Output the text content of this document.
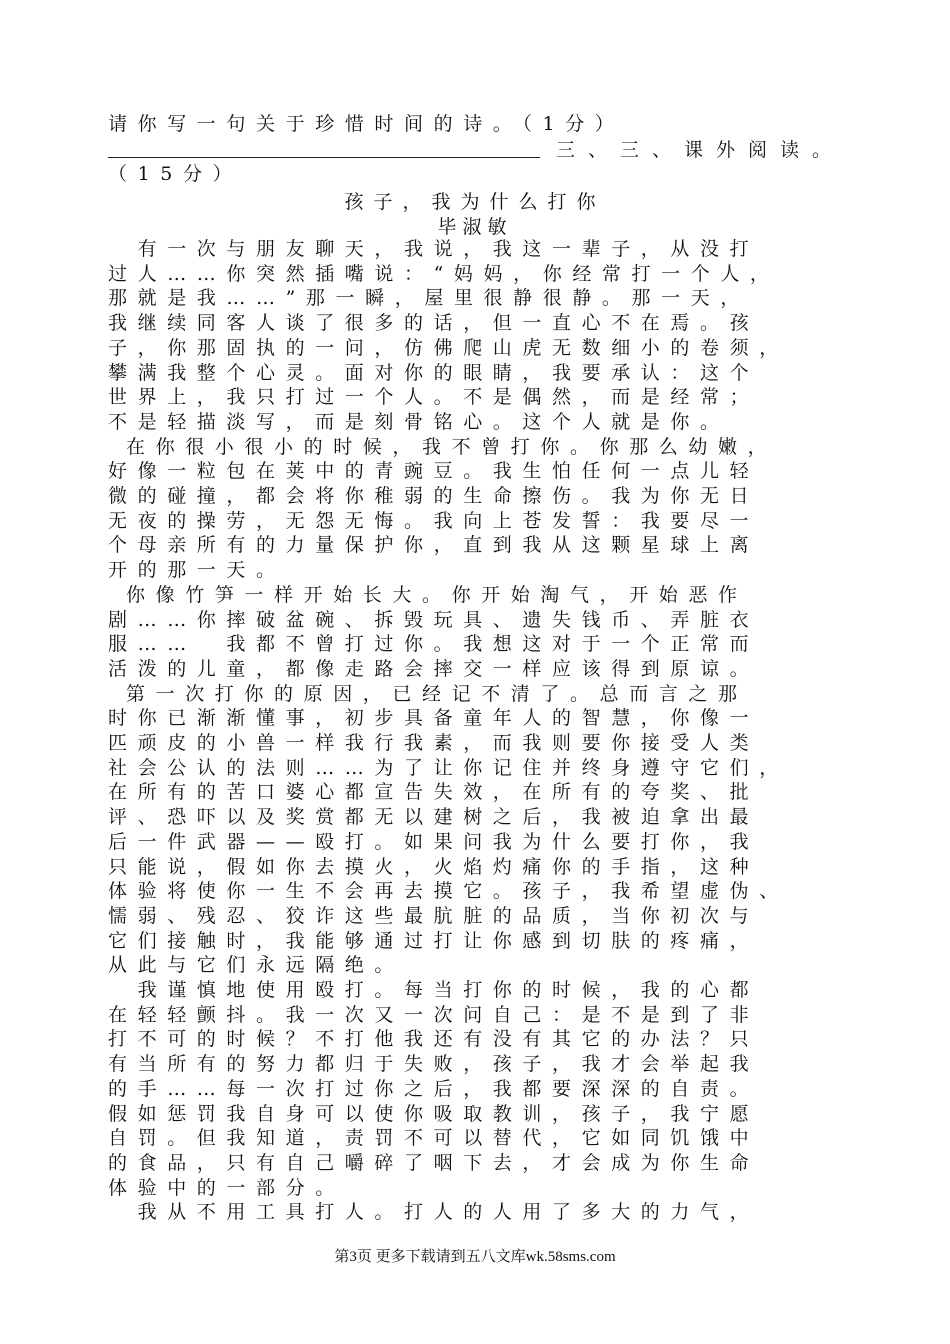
请你写一句关于珍惜时间的诗。（1分）
三、三、课外阅读。
（15分）
孩子，我为什么打你
毕淑敏
　有一次与朋友聊天，我说，我这一辈子，从没打
过人……你突然插嘴说：“妈妈，你经常打一个人，
那就是我……”那一瞬，屋里很静很静。那一天，
我继续同客人谈了很多的话，但一直心不在焉。孩
子，你那固执的一问，仿佛爬山虎无数细小的卷须，
攀满我整个心灵。面对你的眼睛，我要承认：这个
世界上，我只打过一个人。不是偶然，而是经常；
不是轻描淡写，而是刻骨铭心。这个人就是你。
在你很小很小的时候，我不曾打你。你那么幼嫩，
好像一粒包在荚中的青豌豆。我生怕任何一点儿轻
微的碰撞，都会将你稚弱的生命擦伤。我为你无日
无夜的操劳，无怨无悔。我向上苍发誓：我要尽一
个母亲所有的力量保护你，直到我从这颗星球上离
开的那一天。
你像竹笋一样开始长大。你开始淘气，开始恶作
剧……你摔破盆碗、拆毁玩具、遗失钱币、弄脏衣
服……　我都不曾打过你。我想这对于一个正常而
活泼的儿童，都像走路会摔交一样应该得到原谅。
第一次打你的原因，已经记不清了。总而言之那
时你已渐渐懂事，初步具备童年人的智慧，你像一
匹顽皮的小兽一样我行我素，而我则要你接受人类
社会公认的法则……为了让你记住并终身遵守它们，
在所有的苦口婆心都宣告失效，在所有的夸奖、批
评、恐吓以及奖赏都无以建树之后，我被迫拿出最
后一件武器——殴打。如果问我为什么要打你，我
只能说，假如你去摸火，火焰灼痛你的手指，这种
体验将使你一生不会再去摸它。孩子，我希望虚伪、
懦弱、残忍、狡诈这些最肮脏的品质，当你初次与
它们接触时，我能够通过打让你感到切肤的疼痛，
从此与它们永远隔绝。
　我谨慎地使用殴打。每当打你的时候，我的心都
在轻轻颤抖。我一次又一次问自己：是不是到了非
打不可的时候？不打他我还有没有其它的办法？只
有当所有的努力都归于失败，孩子，我才会举起我
的手……每一次打过你之后，我都要深深的自责。
假如惩罚我自身可以使你吸取教训，孩子，我宁愿
自罚。但我知道，责罚不可以替代，它如同饥饿中
的食品，只有自己嚼碎了咽下去，才会成为你生命
体验中的一部分。
　我从不用工具打人。打人的人用了多大的力气，
第3页 更多下载请到五八文库wk.58sms.com
